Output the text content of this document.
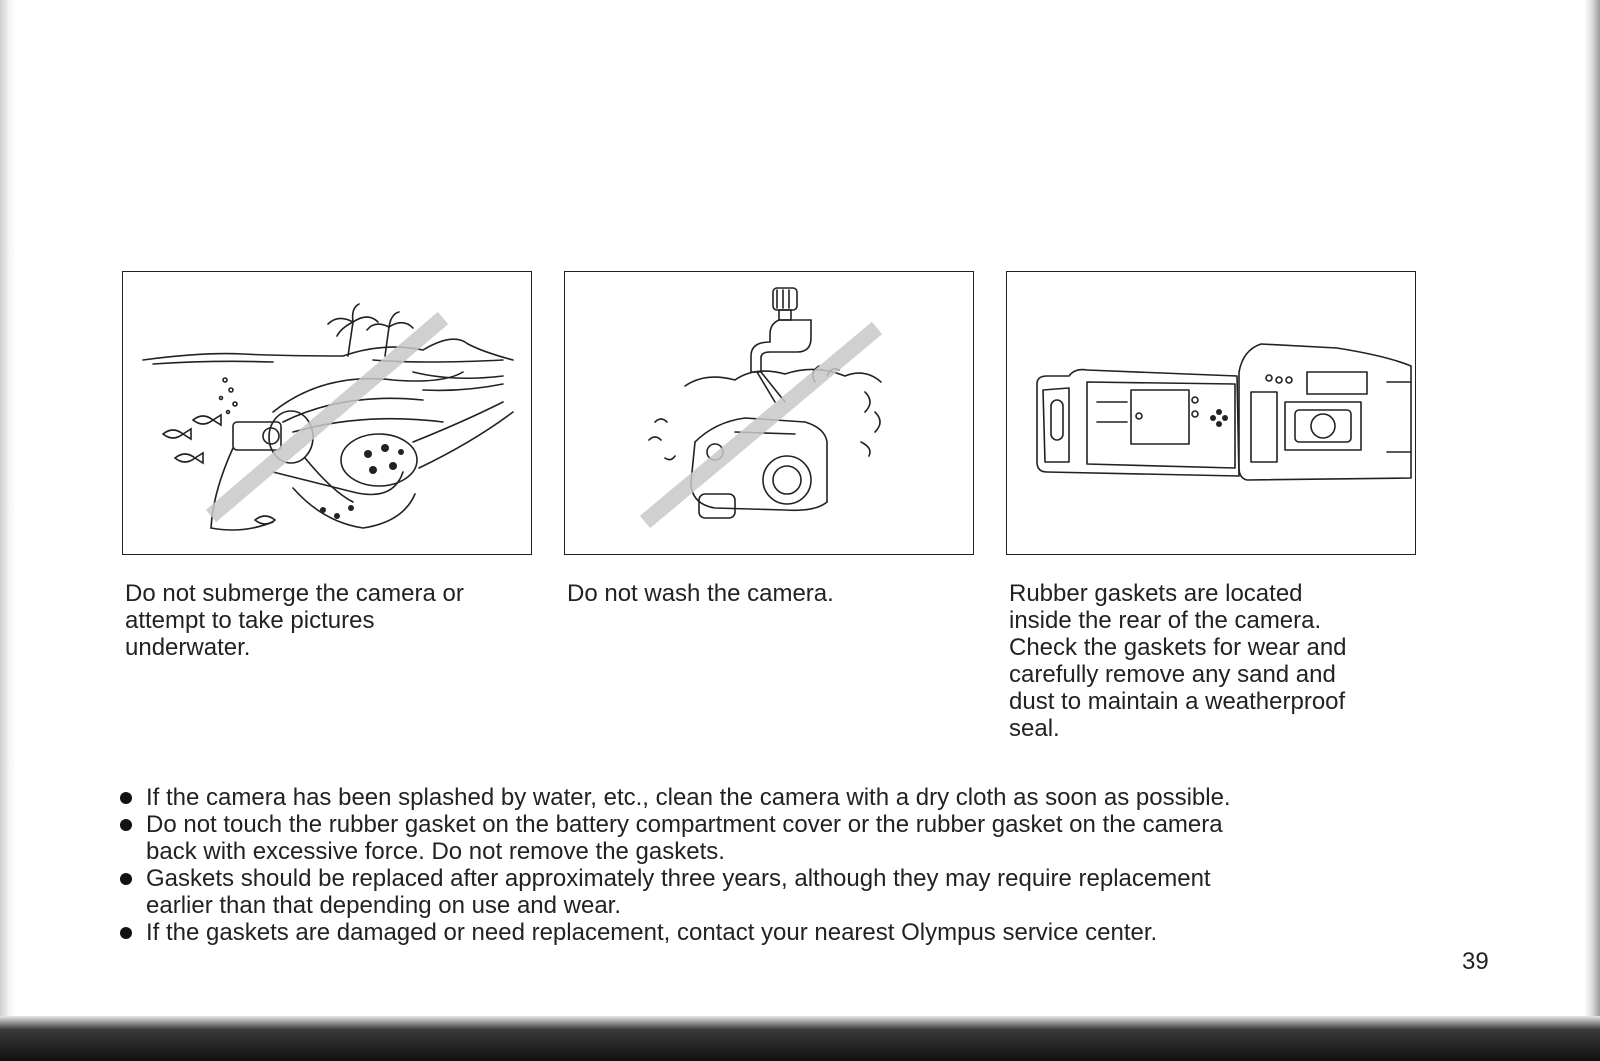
Do not submerge the camera or
attempt to take pictures
underwater.
Do not wash the camera.	Rubber gaskets are located
inside the rear of the camera.
Check the gaskets for wear and
carefully remove any sand and
dust to maintain a weatherproof
seal.
If the camera has been splashed by water, etc., clean the camera with a dry cloth as soon as possible.
Do not touch the rubber gasket on the battery compartment cover or the rubber gasket on the camera
back with excessive force. Do not remove the gaskets.
Gaskets should be replaced after approximately three years, although they may require replacement
earlier than that depending on use and wear.
If the gaskets are damaged or need replacement, contact your nearest Olympus service center.
39
